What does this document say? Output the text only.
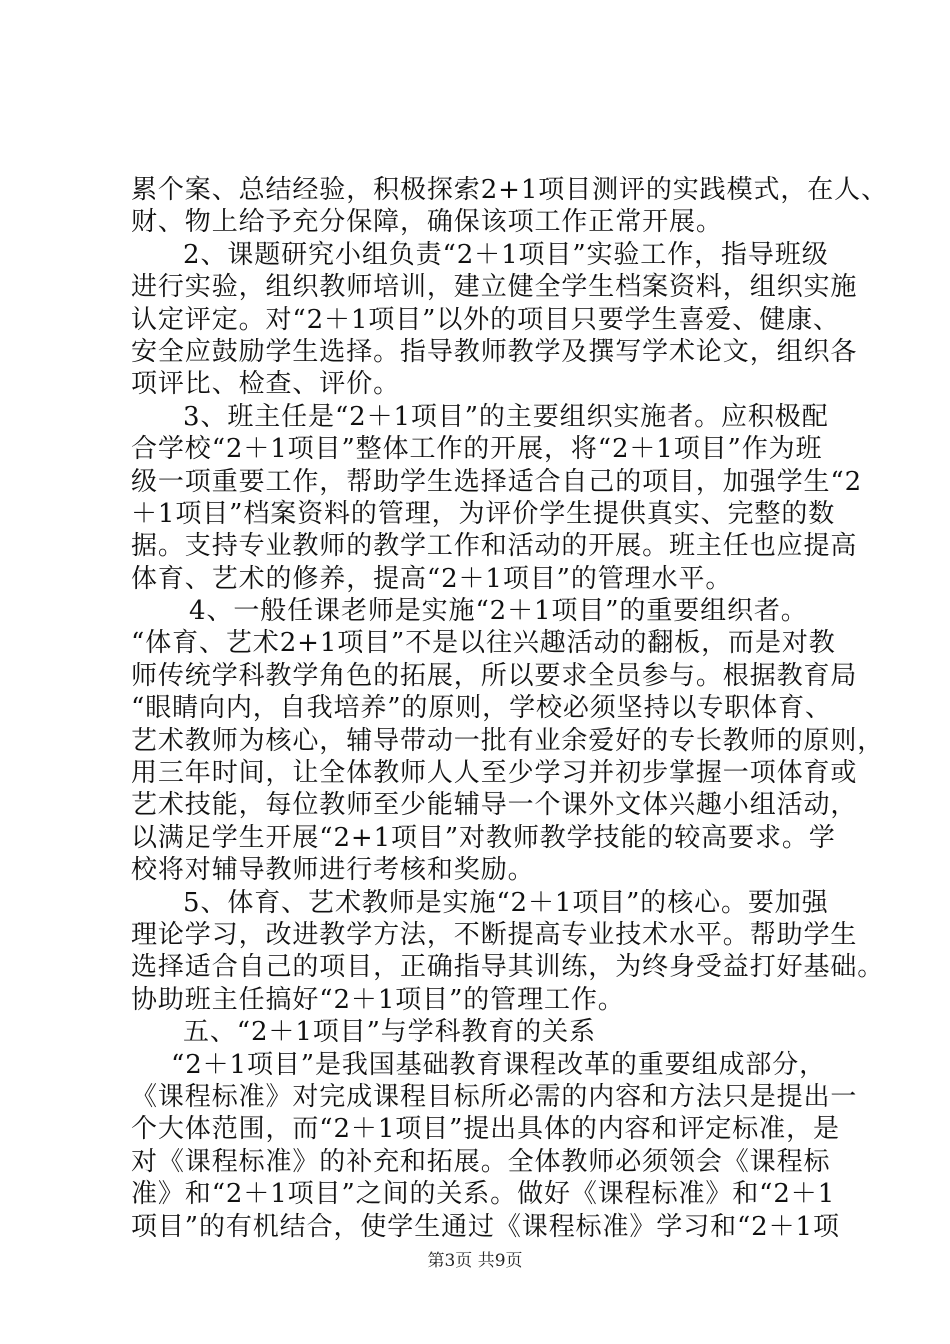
累个案、总结经验，积极探索2+1项目测评的实践模式，在人、
财、物上给予充分保障，确保该项工作正常开展。
2、课题研究小组负责“2＋1项目”实验工作，指导班级
进行实验，组织教师培训，建立健全学生档案资料，组织实施
认定评定。对“2＋1项目”以外的项目只要学生喜爱、健康、
安全应鼓励学生选择。指导教师教学及撰写学术论文，组织各
项评比、检查、评价。
3、班主任是“2＋1项目”的主要组织实施者。应积极配
合学校“2＋1项目”整体工作的开展，将“2＋1项目”作为班
级一项重要工作，帮助学生选择适合自己的项目，加强学生“2
＋1项目”档案资料的管理，为评价学生提供真实、完整的数
据。支持专业教师的教学工作和活动的开展。班主任也应提高
体育、艺术的修养，提高“2＋1项目”的管理水平。
4、一般任课老师是实施“2＋1项目”的重要组织者。
“体育、艺术2+1项目”不是以往兴趣活动的翻板，而是对教
师传统学科教学角色的拓展，所以要求全员参与。根据教育局
“眼睛向内，自我培养”的原则，学校必须坚持以专职体育、
艺术教师为核心，辅导带动一批有业余爱好的专长教师的原则，
用三年时间，让全体教师人人至少学习并初步掌握一项体育或
艺术技能，每位教师至少能辅导一个课外文体兴趣小组活动，
以满足学生开展“2+1项目”对教师教学技能的较高要求。学
校将对辅导教师进行考核和奖励。
5、体育、艺术教师是实施“2＋1项目”的核心。要加强
理论学习，改进教学方法，不断提高专业技术水平。帮助学生
选择适合自己的项目，正确指导其训练，为终身受益打好基础。
协助班主任搞好“2＋1项目”的管理工作。
五、“2＋1项目”与学科教育的关系
“2＋1项目”是我国基础教育课程改革的重要组成部分，
《课程标准》对完成课程目标所必需的内容和方法只是提出一
个大体范围，而“2＋1项目”提出具体的内容和评定标准，是
对《课程标准》的补充和拓展。全体教师必须领会《课程标
准》和“2＋1项目”之间的关系。做好《课程标准》和“2＋1
项目”的有机结合，使学生通过《课程标准》学习和“2＋1项
第3页 共9页
